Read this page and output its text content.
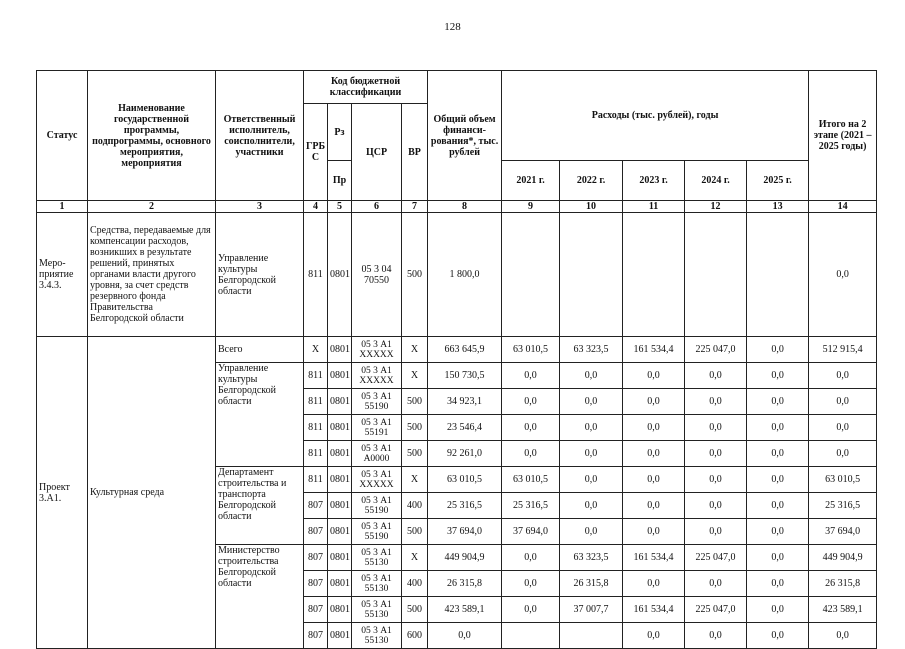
128
Статус	Наименование государственной программы, подпрограммы, основного мероприятия, мероприятия	Ответственный исполнитель, соисполнители, участники	Код бюджетной классификации				Общий объем финанси-рования*, тыс. рублей	Расходы (тыс. рублей), годы					Итого на 2 этапе (2021 – 2025 годы)
			ГРБ С	Рз	ЦСР	ВР							
				Пр				2021 г.	2022 г.	2023 г.	2024 г.	2025 г.	
1	2	3	4	5	6	7	8	9	10	11	12	13	14
Меро-приятие 3.4.3.	Средства, передаваемые для компенсации расходов, возникших в результате решений, принятых органами власти другого уровня, за счет средств резервного фонда Правительства Белгородской области	Управление культуры Белгородской области	811	0801	05 3 04 70550	500	1 800,0						0,0
Проект 3.А1.	Культурная среда	Всего	X	0801	05 3 А1 ХХХХХ	X	663 645,9	63 010,5	63 323,5	161 534,4	225 047,0	0,0	512 915,4
		Управление культуры Белгородской области	811	0801	05 3 А1 ХХХХХ	X	150 730,5	0,0	0,0	0,0	0,0	0,0	0,0
			811	0801	05 3 А1 55190	500	34 923,1	0,0	0,0	0,0	0,0	0,0	0,0
			811	0801	05 3 А1 55191	500	23 546,4	0,0	0,0	0,0	0,0	0,0	0,0
			811	0801	05 3 А1 А0000	500	92 261,0	0,0	0,0	0,0	0,0	0,0	0,0
		Департамент строительства и транспорта Белгородской области	811	0801	05 3 А1 ХХХХХ	X	63 010,5	63 010,5	0,0	0,0	0,0	0,0	63 010,5
			807	0801	05 3 А1 55190	400	25 316,5	25 316,5	0,0	0,0	0,0	0,0	25 316,5
			807	0801	05 3 А1 55190	500	37 694,0	37 694,0	0,0	0,0	0,0	0,0	37 694,0
		Министерство строительства Белгородской области	807	0801	05 3 А1 55130	X	449 904,9	0,0	63 323,5	161 534,4	225 047,0	0,0	449 904,9
			807	0801	05 3 А1 55130	400	26 315,8	0,0	26 315,8	0,0	0,0	0,0	26 315,8
			807	0801	05 3 А1 55130	500	423 589,1	0,0	37 007,7	161 534,4	225 047,0	0,0	423 589,1
			807	0801	05 3 А1 55130	600	0,0			0,0	0,0	0,0	0,0
